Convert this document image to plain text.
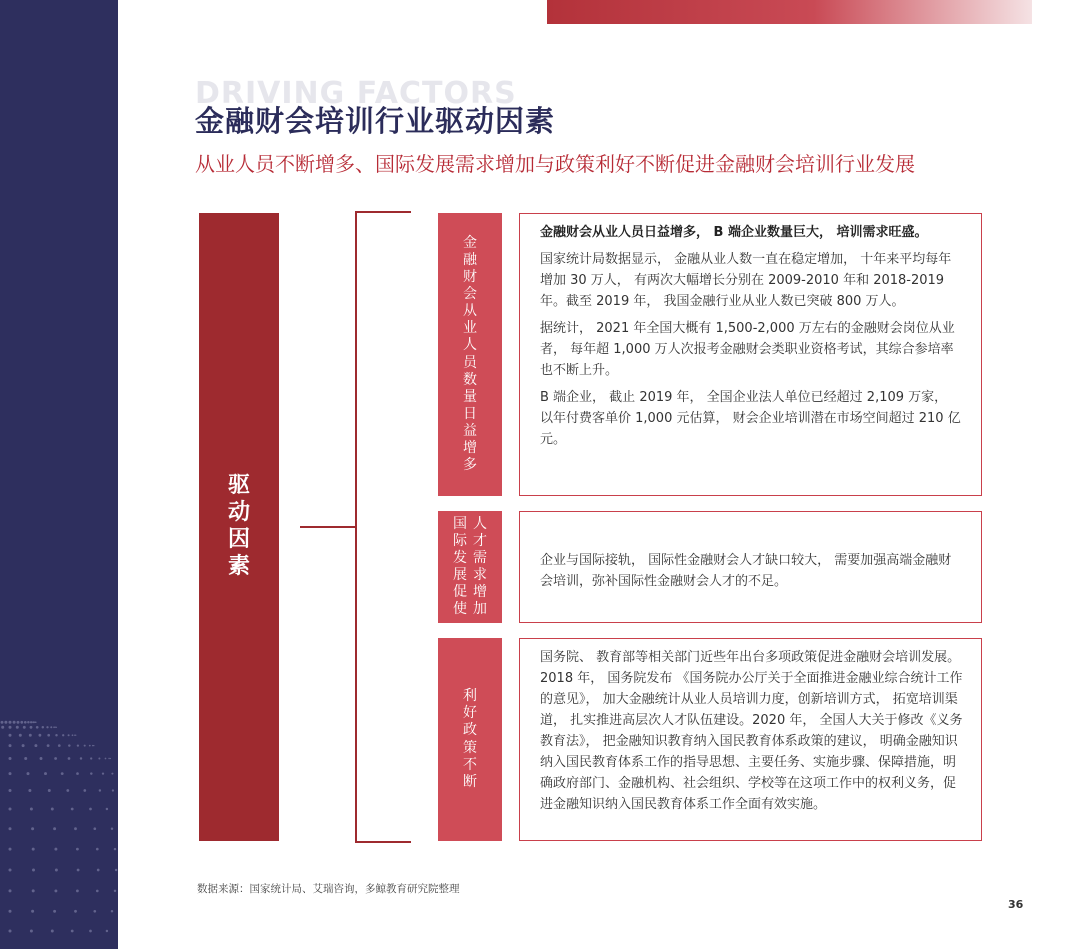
DRIVING FACTORS
金融财会培训行业驱动因素
从业人员不断增多、国际发展需求增加与政策利好不断促进金融财会培训行业发展
驱
动
因
素
金
融
财
会
从
业
人
员
数
量
日
益
增
多
国
际
发
展
促
使
人
才
需
求
增
加
利
好
政
策
不
断

金融财会从业人员日益增多， B 端企业数量巨大， 培训需求旺盛。

国家统计局数据显示， 金融从业人数一直在稳定增加， 十年来平均每年增加 30 万人， 有两次大幅增长分别在 2009-2010 年和 2018-2019 年。截至 2019 年， 我国金融行业从业人数已突破 800 万人。

据统计， 2021 年全国大概有 1,500-2,000 万左右的金融财会岗位从业者， 每年超 1,000 万人次报考金融财会类职业资格考试，其综合参培率也不断上升。

B 端企业， 截止 2019 年， 全国企业法人单位已经超过 2,109 万家， 以年付费客单价 1,000 元估算， 财会企业培训潜在市场空间超过 210 亿元。

企业与国际接轨， 国际性金融财会人才缺口较大， 需要加强高端金融财会培训，弥补国际性金融财会人才的不足。

国务院、 教育部等相关部门近些年出台多项政策促进金融财会培训发展。2018 年， 国务院发布 《国务院办公厅关于全面推进金融业综合统计工作的意见》， 加大金融统计从业人员培训力度，创新培训方式， 拓宽培训渠道， 扎实推进高层次人才队伍建设。2020 年， 全国人大关于修改《义务教育法》， 把金融知识教育纳入国民教育体系政策的建议， 明确金融知识纳入国民教育体系工作的指导思想、主要任务、实施步骤、保障措施，明确政府部门、金融机构、社会组织、学校等在这项工作中的权利义务，促进金融知识纳入国民教育体系工作全面有效实施。

数据来源：国家统计局、艾瑞咨询，多鲸教育研究院整理
36
